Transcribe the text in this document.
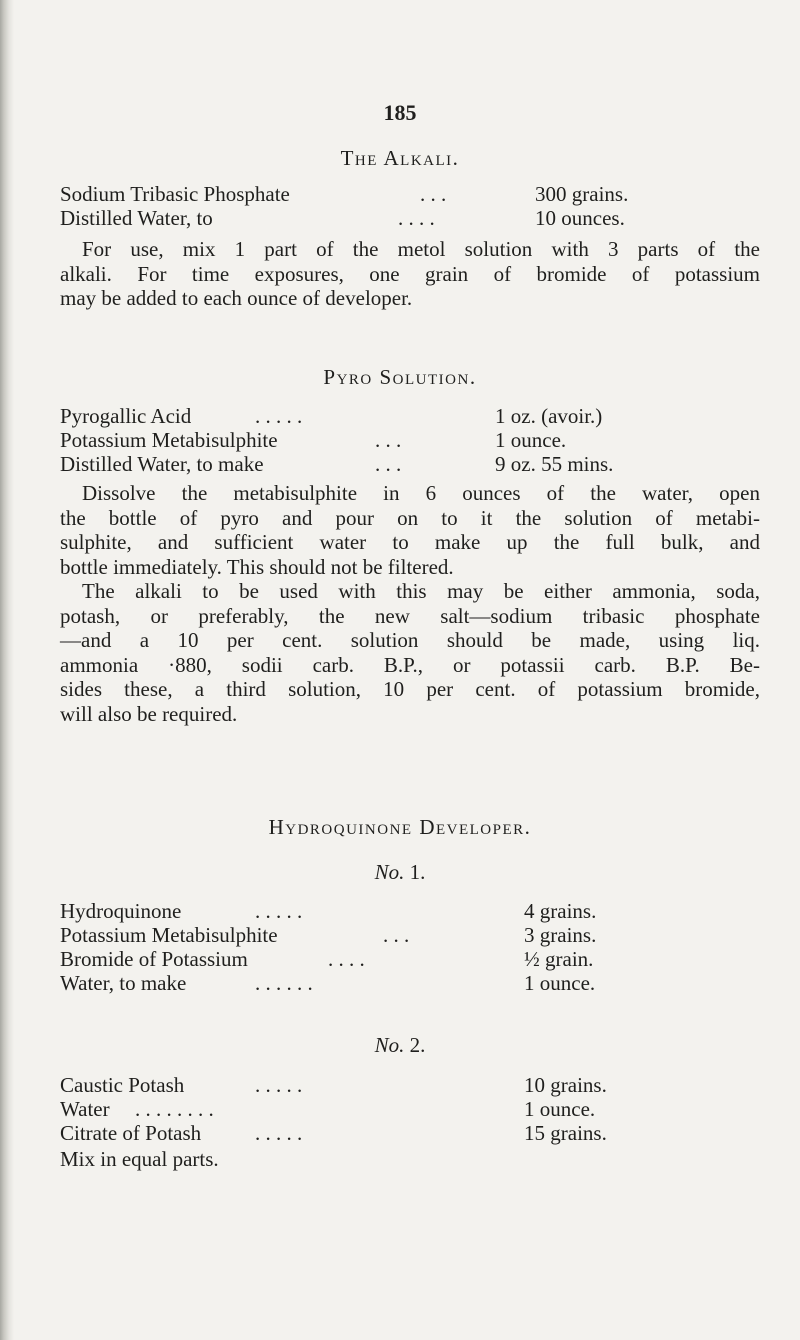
185
The Alkali.
Sodium Tribasic Phosphate	. . .	300 grains.
Distilled Water, to	. . . .	10 ounces.
For use, mix 1 part of the metol solution with 3 parts of the
alkali. For time exposures, one grain of bromide of potassium
may be added to each ounce of developer.
Pyro Solution.
Pyrogallic Acid	. . . . .	1 oz. (avoir.)
Potassium Metabisulphite	. . .	1 ounce.
Distilled Water, to make	. . .	9 oz. 55 mins.
Dissolve the metabisulphite in 6 ounces of the water, open
the bottle of pyro and pour on to it the solution of metabi-
sulphite, and sufficient water to make up the full bulk, and
bottle immediately. This should not be filtered.
The alkali to be used with this may be either ammonia, soda,
potash, or preferably, the new salt—sodium tribasic phosphate
—and a 10 per cent. solution should be made, using liq.
ammonia ·880, sodii carb. B.P., or potassii carb. B.P. Be-
sides these, a third solution, 10 per cent. of potassium bromide,
will also be required.
Hydroquinone Developer.
No. 1.
Hydroquinone	. . . . .	4 grains.
Potassium Metabisulphite	. . .	3 grains.
Bromide of Potassium	. . . .	½ grain.
Water, to make	. . . . . .	1 ounce.
No. 2.
Caustic Potash	. . . . .	10 grains.
Water . . . . . . . .	1 ounce.
Citrate of Potash	. . . . .	15 grains.
Mix in equal parts.
